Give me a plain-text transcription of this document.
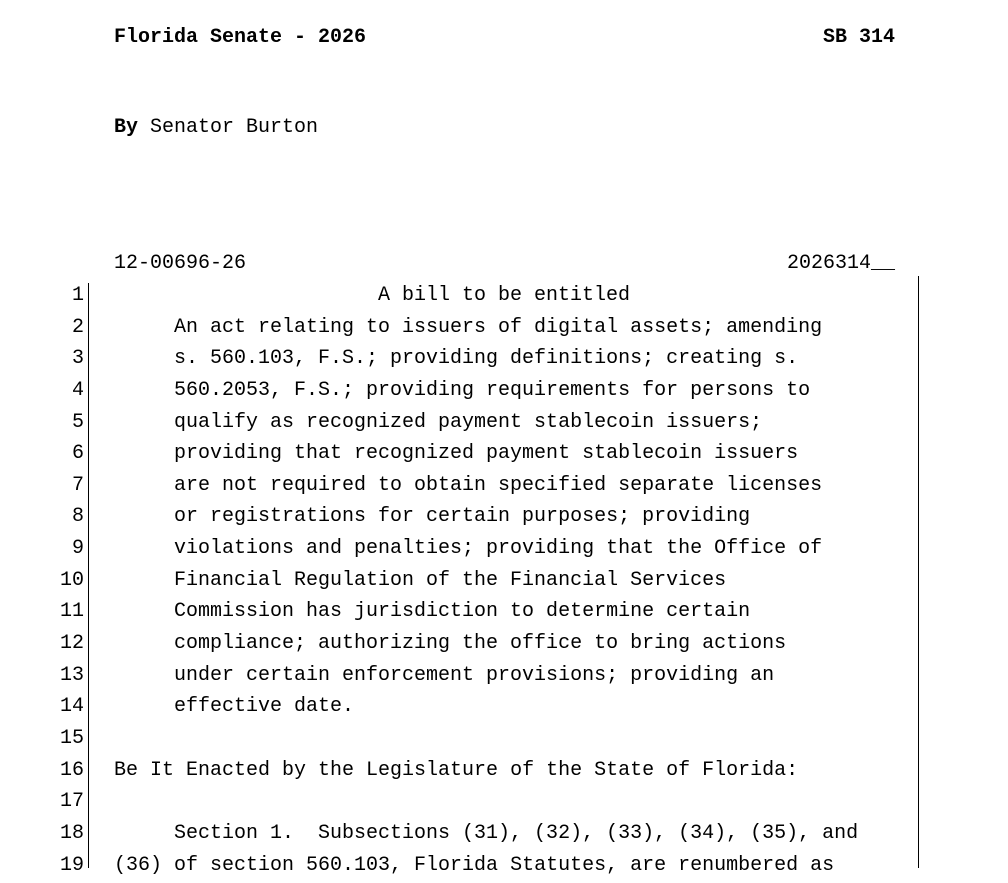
Florida Senate - 2026	SB 314
By Senator Burton
12-00696-26	2026314__
1	A bill to be entitled
2	An act relating to issuers of digital assets; amending
3	s. 560.103, F.S.; providing definitions; creating s.
4	560.2053, F.S.; providing requirements for persons to
5	qualify as recognized payment stablecoin issuers;
6	providing that recognized payment stablecoin issuers
7	are not required to obtain specified separate licenses
8	or registrations for certain purposes; providing
9	violations and penalties; providing that the Office of
10	Financial Regulation of the Financial Services
11	Commission has jurisdiction to determine certain
12	compliance; authorizing the office to bring actions
13	under certain enforcement provisions; providing an
14	effective date.
15
16 Be It Enacted by the Legislature of the State of Florida:
17
18	Section 1.  Subsections (31), (32), (33), (34), (35), and
19 (36) of section 560.103, Florida Statutes, are renumbered as
